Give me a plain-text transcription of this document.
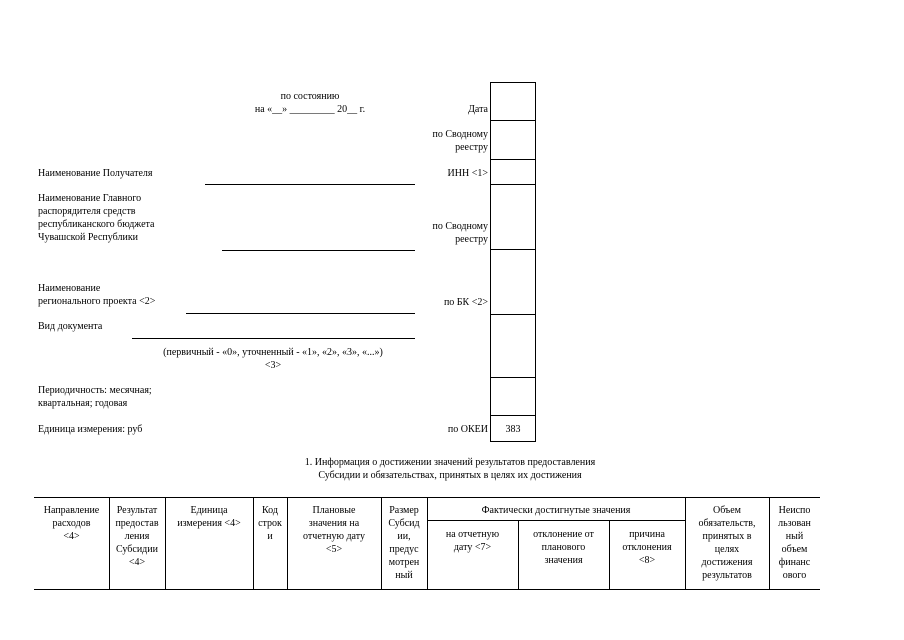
по состоянию
на «__» _________ 20__ г.
Наименование Получателя
Наименование Главного
распорядителя средств
республиканского бюджета
Чувашской Республики
Наименование
регионального проекта <2>
Вид документа
(первичный - «0», уточненный - «1», «2», «3», «...»)
<3>
Периодичность: месячная;
квартальная; годовая
Единица измерения: руб
Дата
по Сводному
реестру
ИНН <1>
по Сводному
реестру
по БК <2>
по ОКЕИ	383
1. Информация о достижении значений результатов предоставления
Субсидии и обязательствах, принятых в целях их достижения
Направление
расходов
<4>
Результат
предостав
ления
Субсидии
<4>
Единица
измерения <4>
Код
строк
и
Плановые
значения на
отчетную дату
<5>
Размер
Субсид
ии,
предус
мотрен
ный
Фактически достигнутые значения
на отчетную
дату <7>
отклонение от
планового
значения
причина
отклонения
<8>
Объем
обязательств,
принятых в
целях
достижения
результатов
Неиспо
льзован
ный
объем
финанс
ового
